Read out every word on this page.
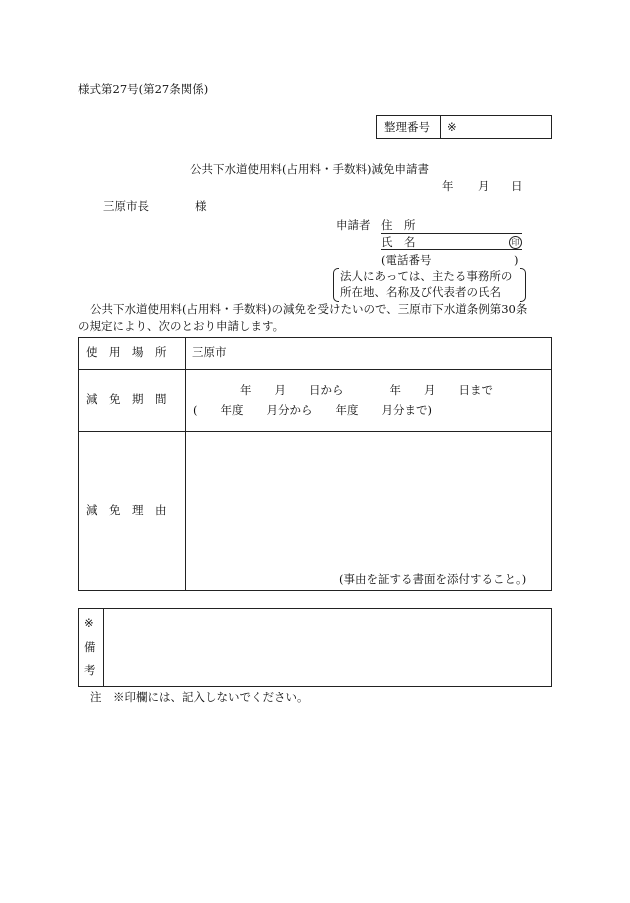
様式第27号(第27条関係)
整理番号 ※
公共下水道使用料(占用料・手数料)減免申請書
年 月 日
三原市長	様
申請者 住　所
氏　名	印
(電話番号	)
法人にあっては、主たる事務所の
所在地、名称及び代表者の氏名
公共下水道使用料(占用料・手数料)の減免を受けたいので、三原市下水道条例第30条
の規定により、次のとおり申請します。
使　用　場　所 三原市
減　免　期　間
年　　月　　日から　　　　年　　月　　日まで
(　　年度　　月分から　　年度　　月分まで)
減　免　理　由
(事由を証する書面を添付すること。)
※
備
考
注　※印欄には、記入しないでください。
